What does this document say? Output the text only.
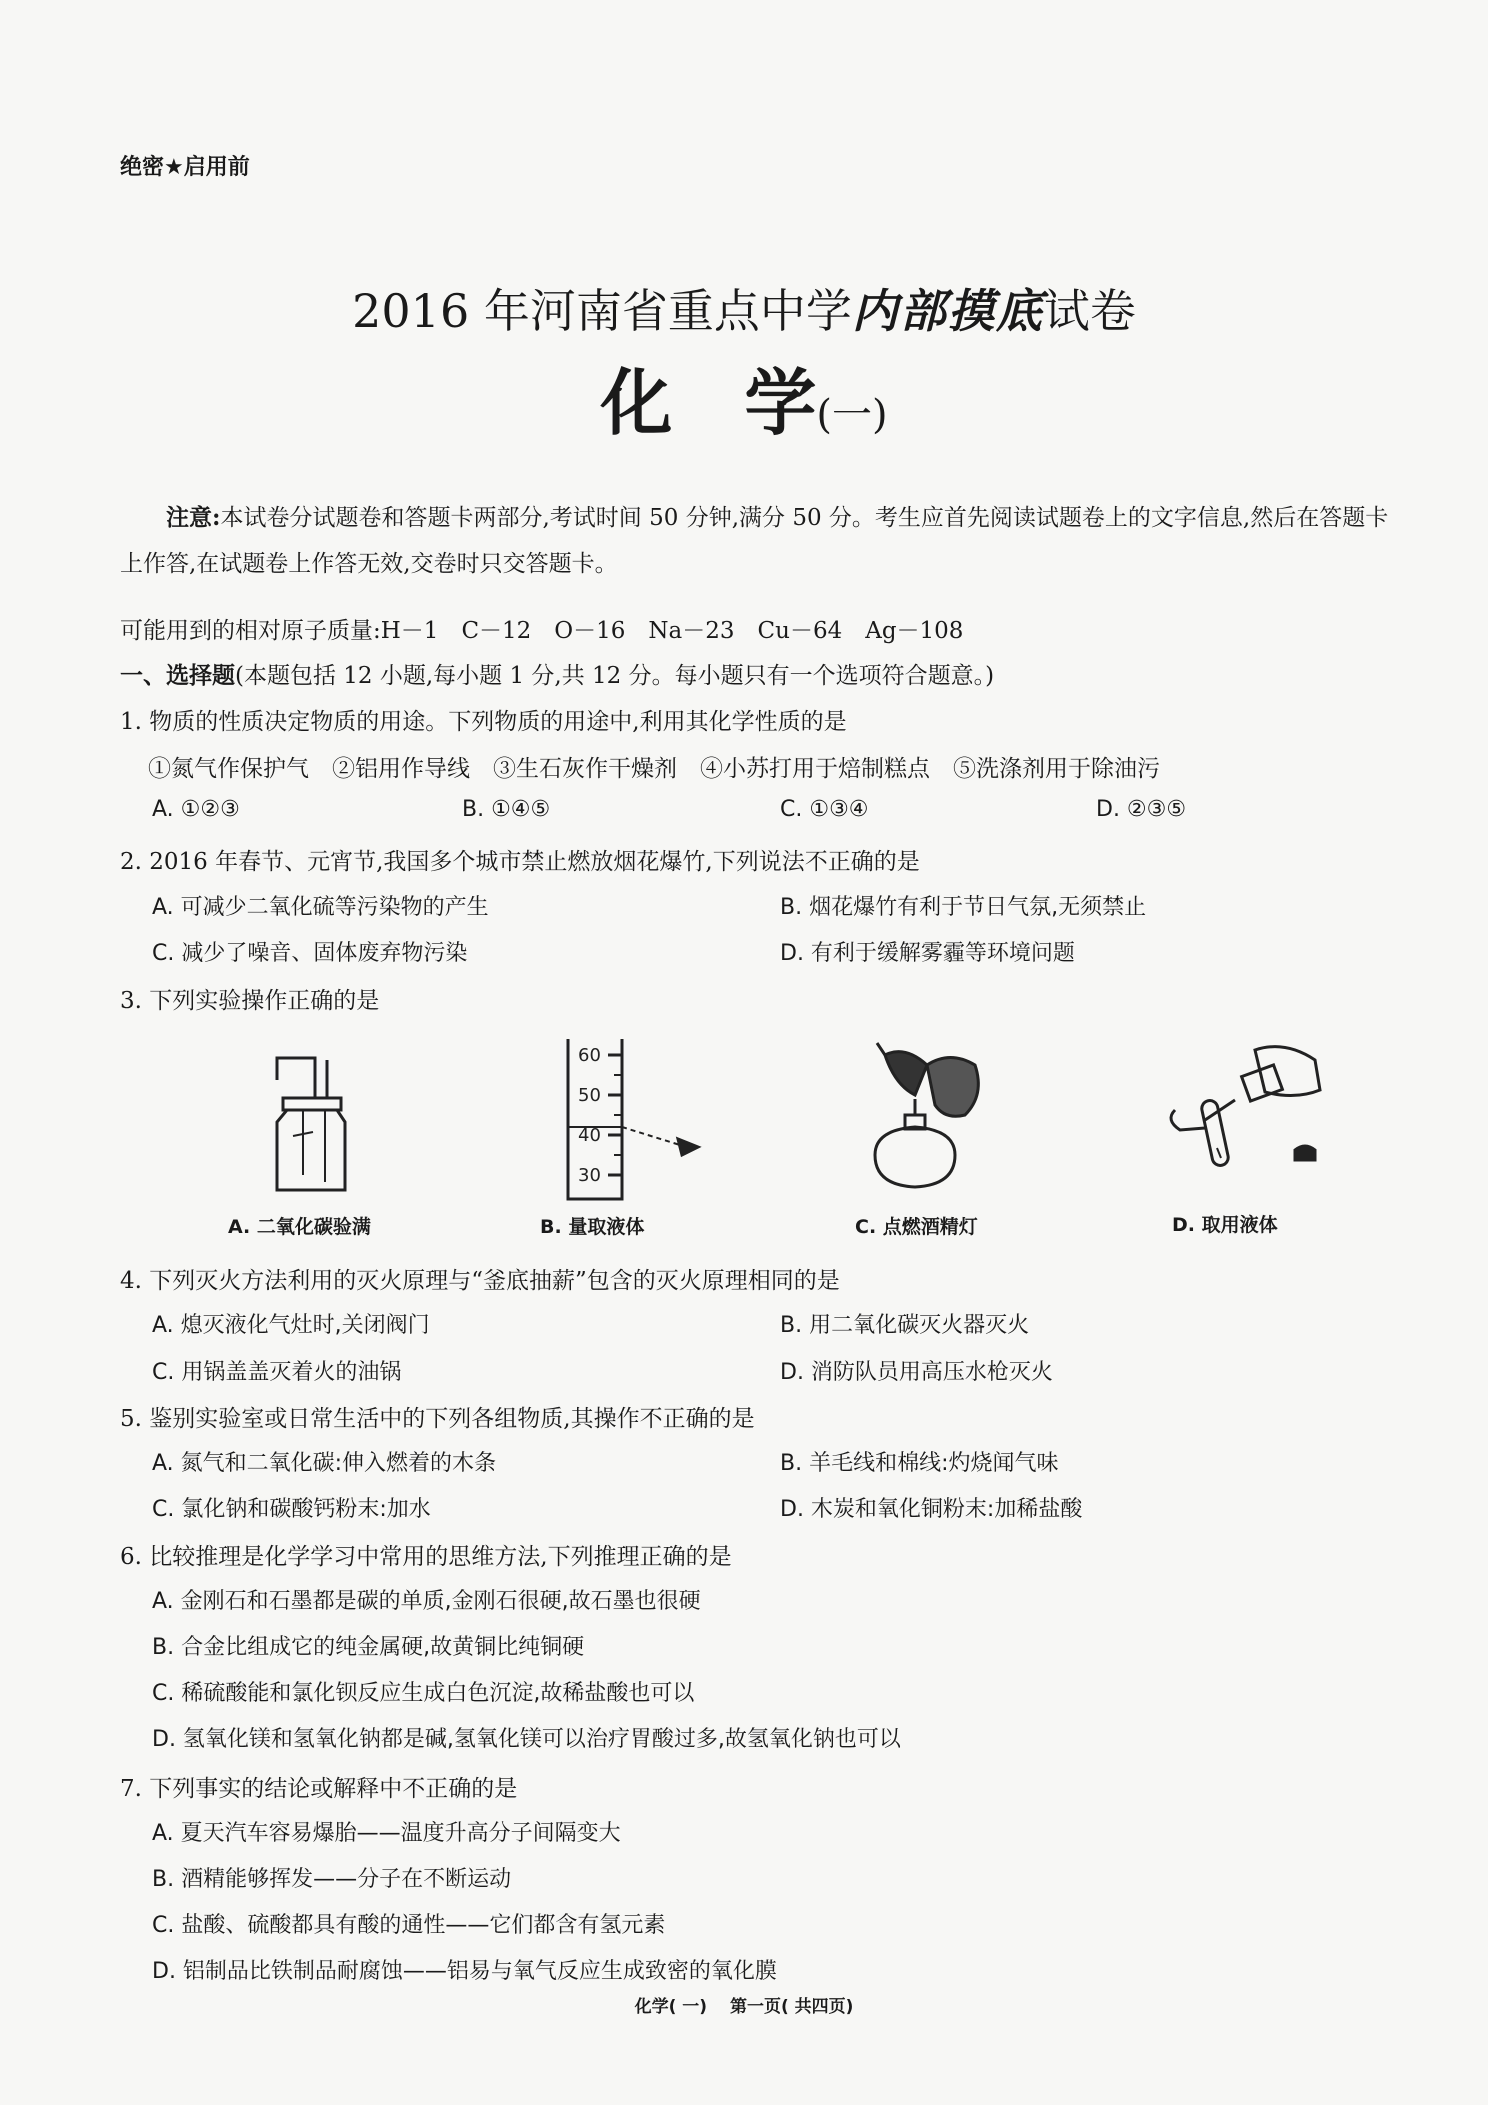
绝密★启用前
2016 年河南省重点中学内部摸底试卷
化　学(一)
注意:本试卷分试题卷和答题卡两部分,考试时间 50 分钟,满分 50 分。考生应首先阅读试题卷上的文字信息,然后在答题卡上作答,在试题卷上作答无效,交卷时只交答题卡。
可能用到的相对原子质量:H－1　C－12　O－16　Na－23　Cu－64　Ag－108
一、选择题(本题包括 12 小题,每小题 1 分,共 12 分。每小题只有一个选项符合题意。)
1. 物质的性质决定物质的用途。下列物质的用途中,利用其化学性质的是
①氮气作保护气　②铝用作导线　③生石灰作干燥剂　④小苏打用于焙制糕点　⑤洗涤剂用于除油污
A. ①②③	B. ①④⑤	C. ①③④	D. ②③⑤
2. 2016 年春节、元宵节,我国多个城市禁止燃放烟花爆竹,下列说法不正确的是
A. 可减少二氧化硫等污染物的产生	B. 烟花爆竹有利于节日气氛,无须禁止
C. 减少了噪音、固体废弃物污染	D. 有利于缓解雾霾等环境问题
3. 下列实验操作正确的是
A. 二氧化碳验满
60
50
40
30
B. 量取液体	C. 点燃酒精灯	D. 取用液体
4. 下列灭火方法利用的灭火原理与“釜底抽薪”包含的灭火原理相同的是
A. 熄灭液化气灶时,关闭阀门	B. 用二氧化碳灭火器灭火
C. 用锅盖盖灭着火的油锅	D. 消防队员用高压水枪灭火
5. 鉴别实验室或日常生活中的下列各组物质,其操作不正确的是
A. 氮气和二氧化碳:伸入燃着的木条	B. 羊毛线和棉线:灼烧闻气味
C. 氯化钠和碳酸钙粉末:加水	D. 木炭和氧化铜粉末:加稀盐酸
6. 比较推理是化学学习中常用的思维方法,下列推理正确的是
A. 金刚石和石墨都是碳的单质,金刚石很硬,故石墨也很硬
B. 合金比组成它的纯金属硬,故黄铜比纯铜硬
C. 稀硫酸能和氯化钡反应生成白色沉淀,故稀盐酸也可以
D. 氢氧化镁和氢氧化钠都是碱,氢氧化镁可以治疗胃酸过多,故氢氧化钠也可以
7. 下列事实的结论或解释中不正确的是
A. 夏天汽车容易爆胎——温度升高分子间隔变大
B. 酒精能够挥发——分子在不断运动
C. 盐酸、硫酸都具有酸的通性——它们都含有氢元素
D. 铝制品比铁制品耐腐蚀——铝易与氧气反应生成致密的氧化膜
化学( 一)　 第一页( 共四页)
